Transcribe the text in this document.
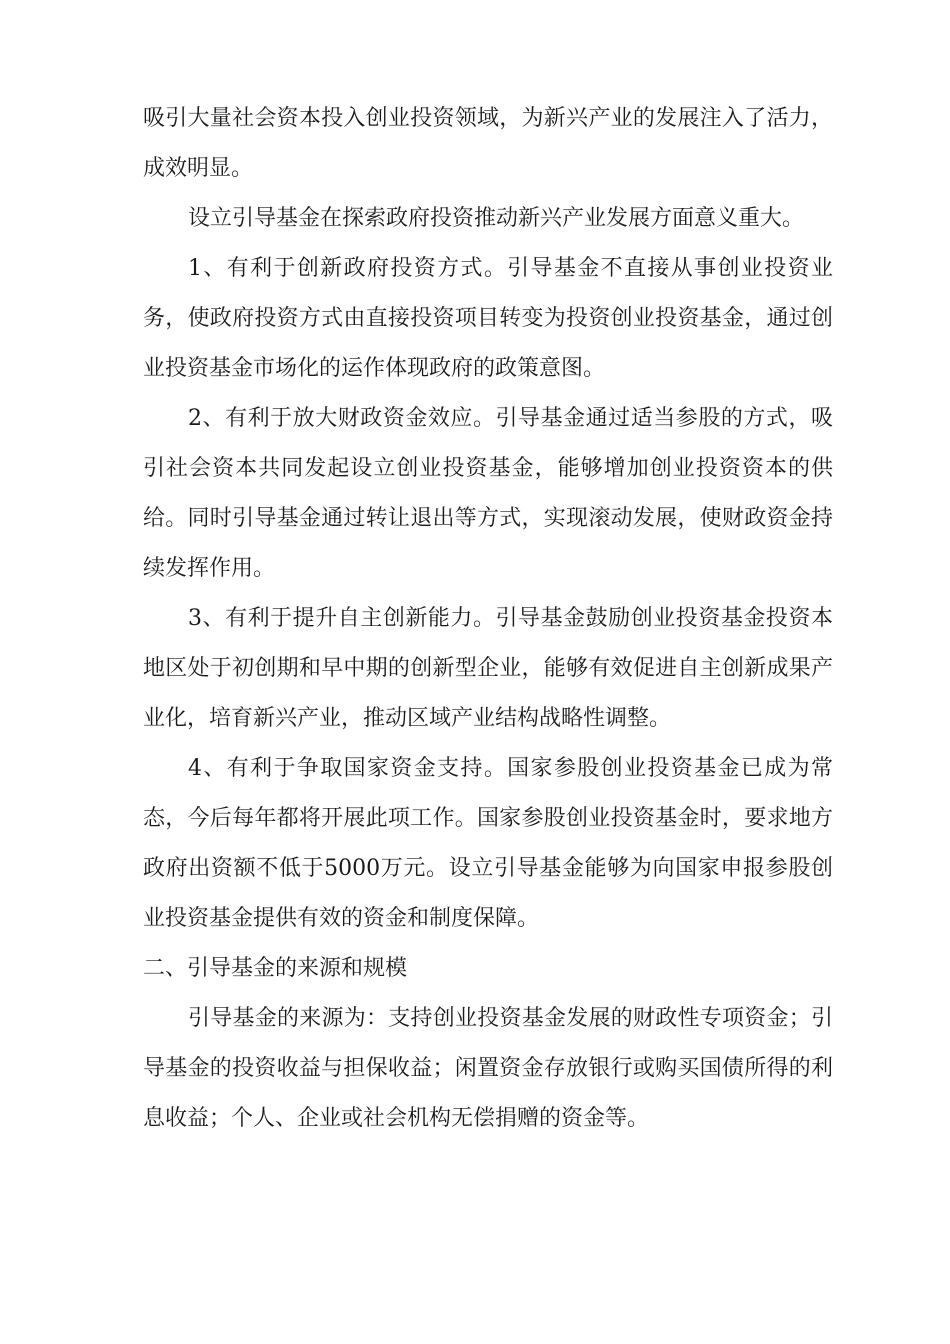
吸引大量社会资本投入创业投资领域，为新兴产业的发展注入了活力，成效明显。

设立引导基金在探索政府投资推动新兴产业发展方面意义重大。

1、有利于创新政府投资方式。引导基金不直接从事创业投资业务，使政府投资方式由直接投资项目转变为投资创业投资基金，通过创业投资基金市场化的运作体现政府的政策意图。

2、有利于放大财政资金效应。引导基金通过适当参股的方式，吸引社会资本共同发起设立创业投资基金，能够增加创业投资资本的供给。同时引导基金通过转让退出等方式，实现滚动发展，使财政资金持续发挥作用。

3、有利于提升自主创新能力。引导基金鼓励创业投资基金投资本地区处于初创期和早中期的创新型企业，能够有效促进自主创新成果产业化，培育新兴产业，推动区域产业结构战略性调整。

4、有利于争取国家资金支持。国家参股创业投资基金已成为常态，今后每年都将开展此项工作。国家参股创业投资基金时，要求地方政府出资额不低于5000万元。设立引导基金能够为向国家申报参股创业投资基金提供有效的资金和制度保障。

二、引导基金的来源和规模

引导基金的来源为：支持创业投资基金发展的财政性专项资金；引导基金的投资收益与担保收益；闲置资金存放银行或购买国债所得的利息收益；个人、企业或社会机构无偿捐赠的资金等。
